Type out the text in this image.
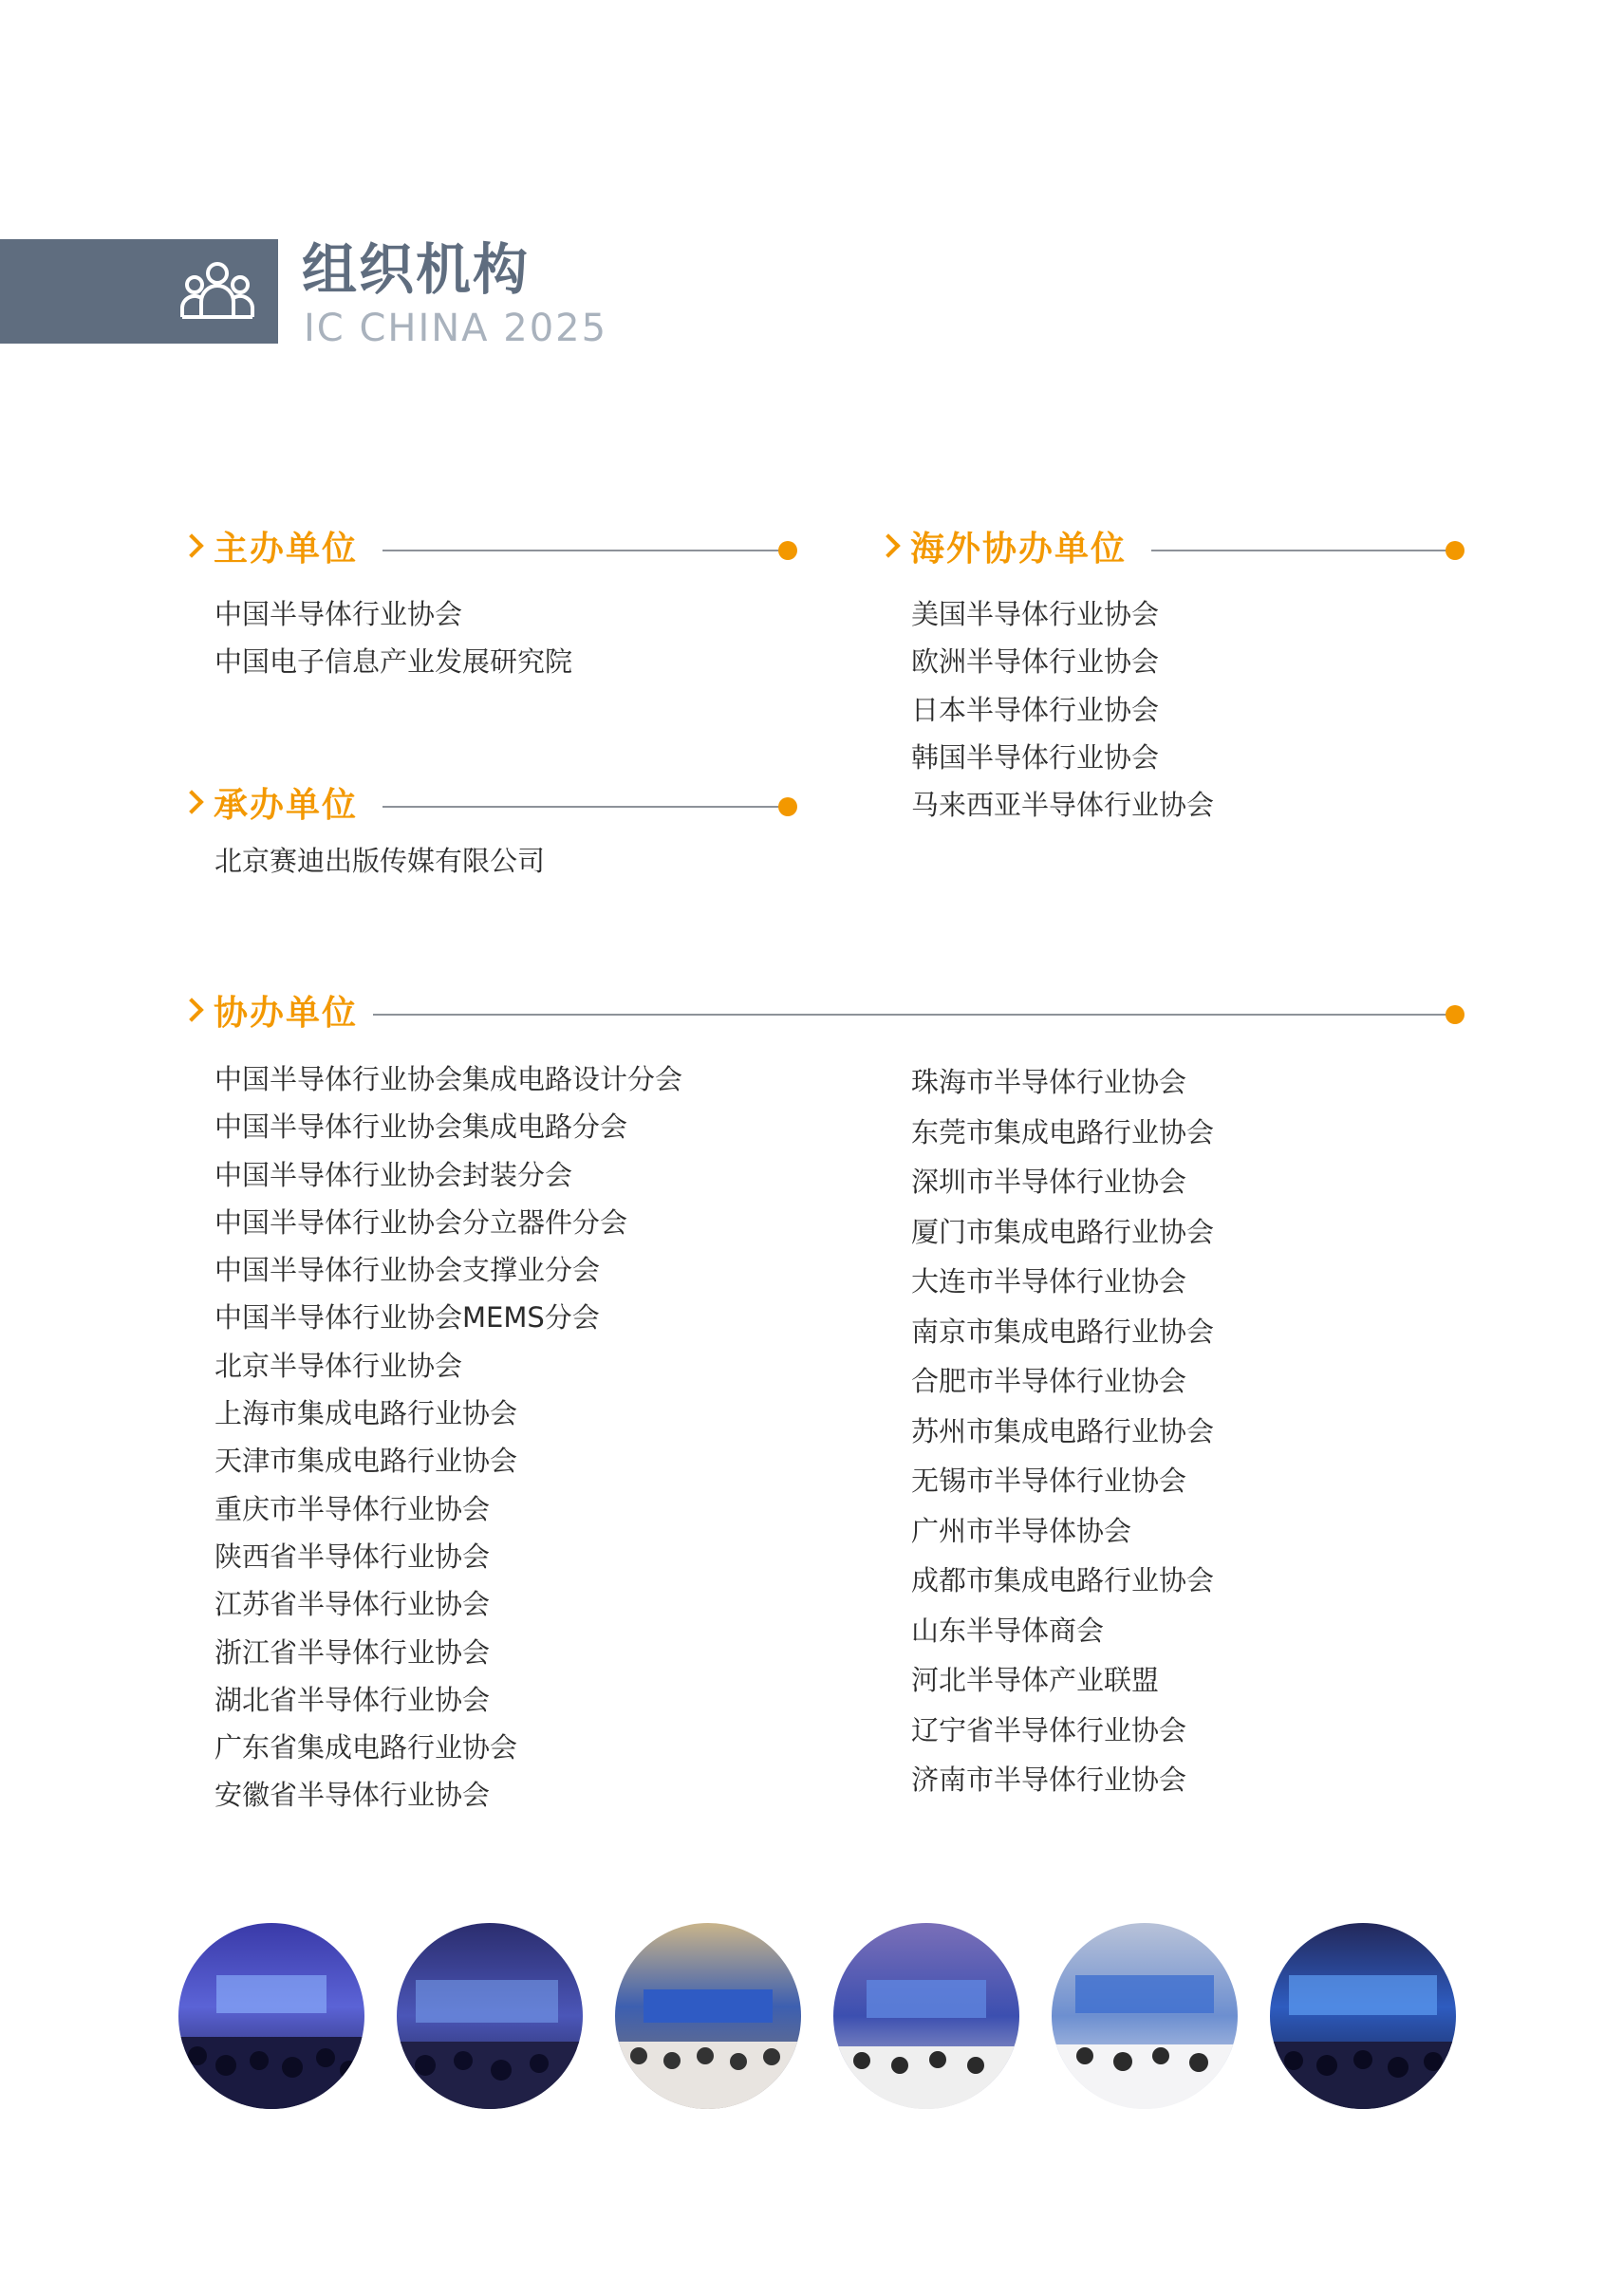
组织机构
IC CHINA 2025
主办单位
中国半导体行业协会
中国电子信息产业发展研究院
承办单位
北京赛迪出版传媒有限公司
海外协办单位
美国半导体行业协会
欧洲半导体行业协会
日本半导体行业协会
韩国半导体行业协会
马来西亚半导体行业协会
协办单位
中国半导体行业协会集成电路设计分会
中国半导体行业协会集成电路分会
中国半导体行业协会封装分会
中国半导体行业协会分立器件分会
中国半导体行业协会支撑业分会
中国半导体行业协会MEMS分会
北京半导体行业协会
上海市集成电路行业协会
天津市集成电路行业协会
重庆市半导体行业协会
陕西省半导体行业协会
江苏省半导体行业协会
浙江省半导体行业协会
湖北省半导体行业协会
广东省集成电路行业协会
安徽省半导体行业协会
珠海市半导体行业协会
东莞市集成电路行业协会
深圳市半导体行业协会
厦门市集成电路行业协会
大连市半导体行业协会
南京市集成电路行业协会
合肥市半导体行业协会
苏州市集成电路行业协会
无锡市半导体行业协会
广州市半导体协会
成都市集成电路行业协会
山东半导体商会
河北半导体产业联盟
辽宁省半导体行业协会
济南市半导体行业协会
